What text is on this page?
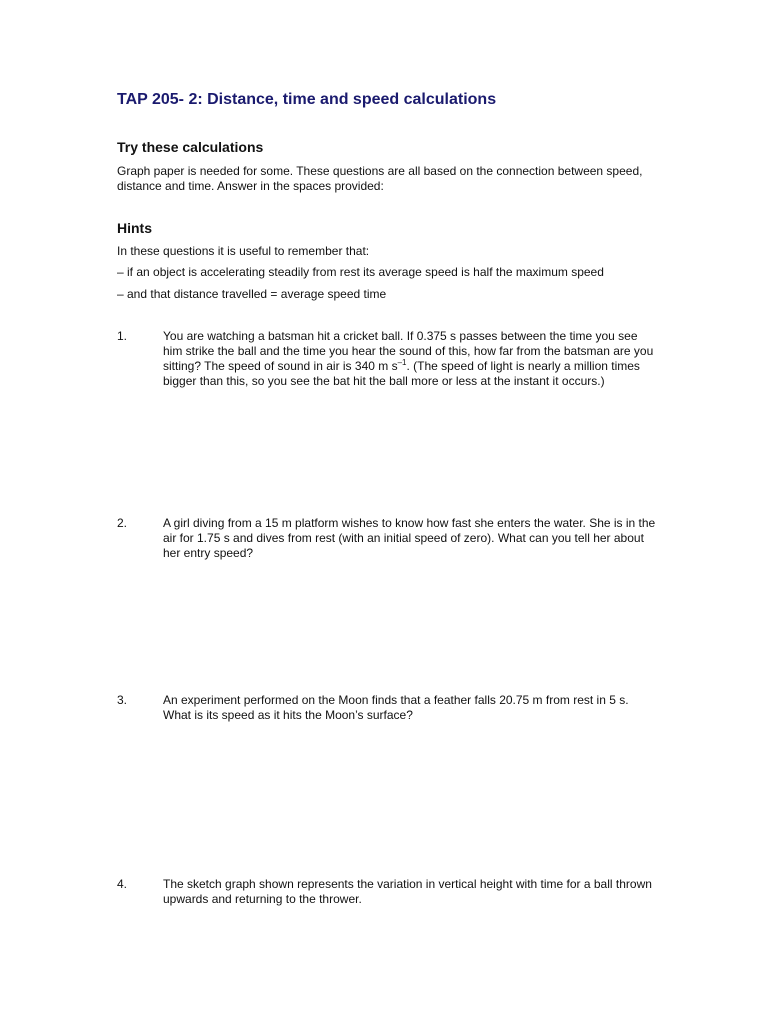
TAP 205- 2: Distance, time and speed calculations
Try these calculations
Graph paper is needed for some. These questions are all based on the connection between speed, distance and time. Answer in the spaces provided:
Hints
In these questions it is useful to remember that:
– if an object is accelerating steadily from rest its average speed is half the maximum speed
– and that distance travelled = average speed time
1.	You are watching a batsman hit a cricket ball. If 0.375 s passes between the time you see him strike the ball and the time you hear the sound of this, how far from the batsman are you sitting? The speed of sound in air is 340 m $s^{-1}$. (The speed of light is nearly a million times bigger than this, so you see the bat hit the ball more or less at the instant it occurs.)
2.	A girl diving from a 15 m platform wishes to know how fast she enters the water. She is in the air for 1.75 s and dives from rest (with an initial speed of zero). What can you tell her about her entry speed?
3.	An experiment performed on the Moon finds that a feather falls 20.75 m from rest in 5 s. What is its speed as it hits the Moon’s surface?
4.	The sketch graph shown represents the variation in vertical height with time for a ball thrown upwards and returning to the thrower.
